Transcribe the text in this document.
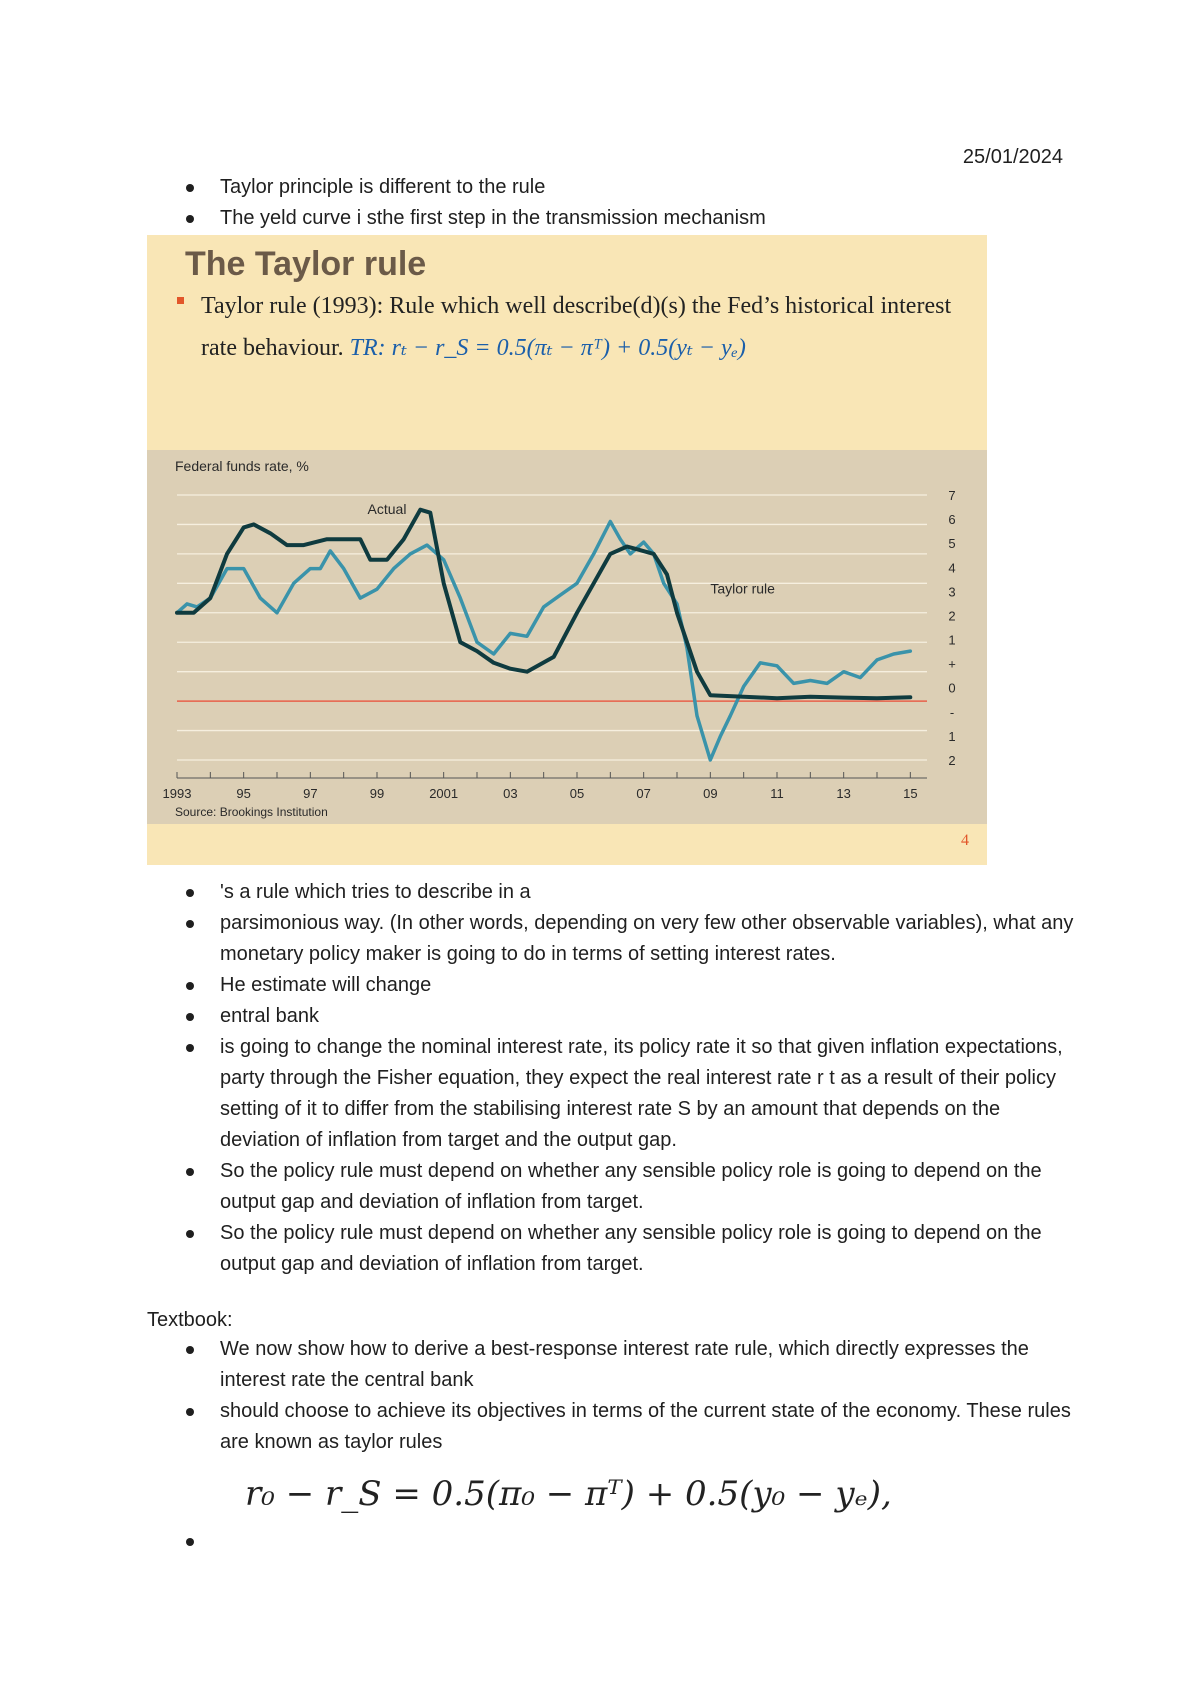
25/01/2024
Taylor principle is different to the rule
The yeld curve i sthe first step in the transmission mechanism
The Taylor rule
Taylor rule (1993): Rule which well describe(d)(s) the Fed’s historical interest rate behaviour. TR: rₜ − r_S = 0.5(πₜ − πᵀ) + 0.5(yₜ − yₑ)
Federal funds rate, %
7
6
5
4
3
2
1
+
0
-
1
2
1993	95	97	99	2001	03	05	07	09	11	13	15
Source: Brookings Institution
Actual
Taylor rule
4
's a rule which tries to describe in a
parsimonious way. (In other words, depending on very few other observable variables), what any monetary policy maker is going to do in terms of setting interest rates.
He estimate will change
entral bank
is going to change the nominal interest rate, its policy rate it so that given inflation expectations, party through the Fisher equation, they expect the real interest rate r t as a result of their policy setting of it to differ from the stabilising interest rate S by an amount that depends on the deviation of inflation from target and the output gap.
So the policy rule must depend on whether any sensible policy role is going to depend on the output gap and deviation of inflation from target.
So the policy rule must depend on whether any sensible policy role is going to depend on the output gap and deviation of inflation from target.
Textbook:
We now show how to derive a best-response interest rate rule, which directly expresses the interest rate the central bank
should choose to achieve its objectives in terms of the current state of the economy. These rules are known as taylor rules
r₀ − r_S = 0.5(π₀ − πᵀ) + 0.5(y₀ − yₑ),
